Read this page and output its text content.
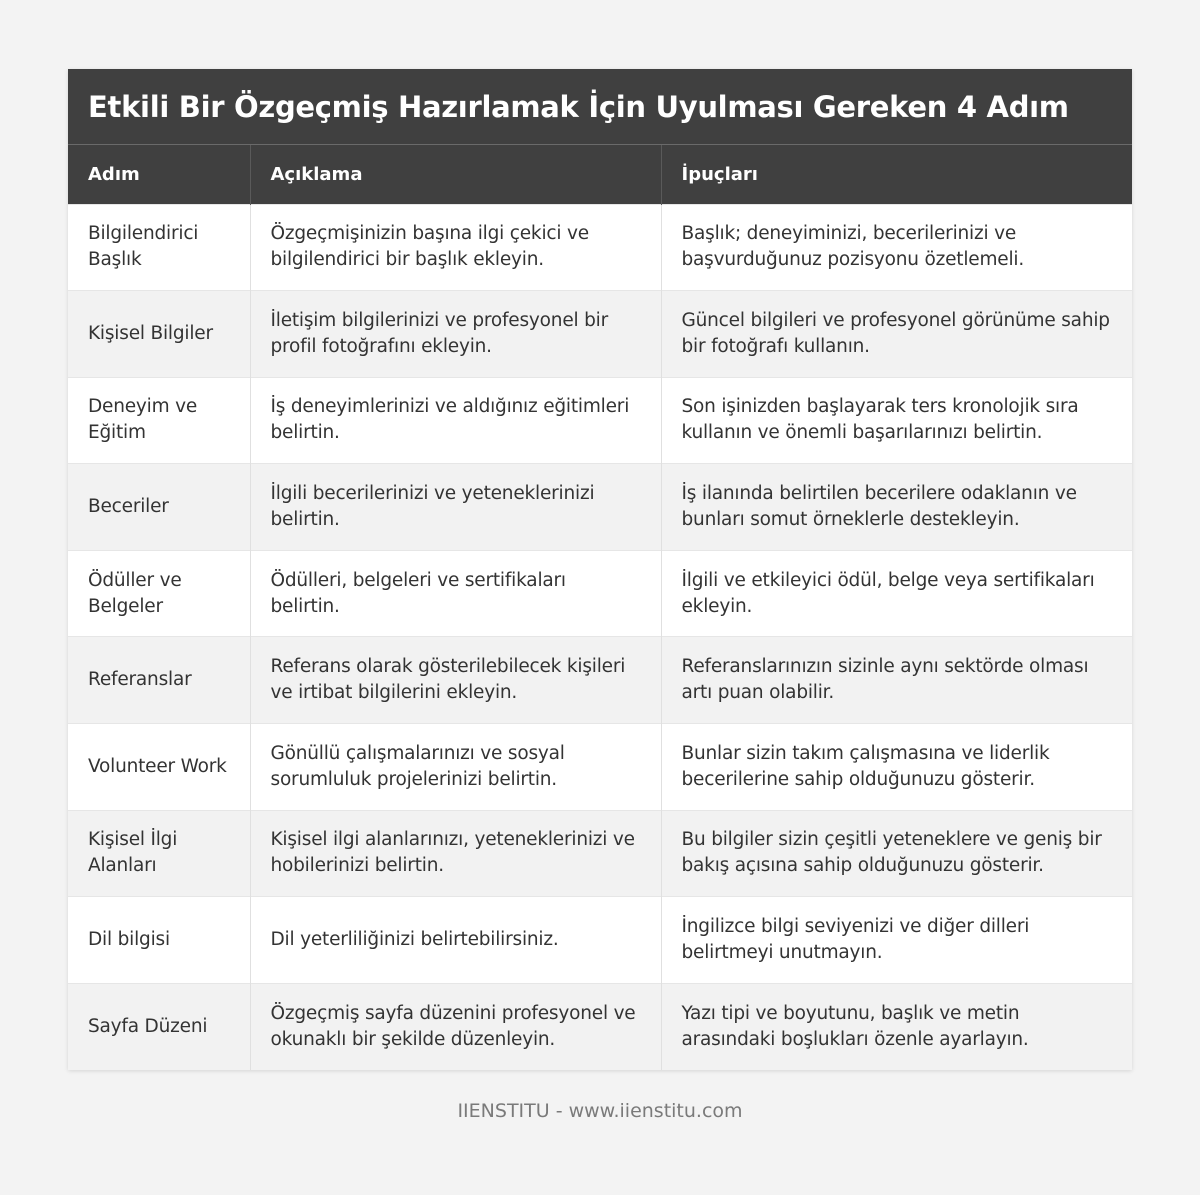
Etkili Bir Özgeçmiş Hazırlamak İçin Uyulması Gereken 4 Adım
Adım	Açıklama	İpuçları
Bilgilendirici Başlık	Özgeçmişinizin başına ilgi çekici ve bilgilendirici bir başlık ekleyin.	Başlık; deneyiminizi, becerilerinizi ve başvurduğunuz pozisyonu özetlemeli.
Kişisel Bilgiler	İletişim bilgilerinizi ve profesyonel bir profil fotoğrafını ekleyin.	Güncel bilgileri ve profesyonel görünüme sahip bir fotoğrafı kullanın.
Deneyim ve Eğitim	İş deneyimlerinizi ve aldığınız eğitimleri belirtin.	Son işinizden başlayarak ters kronolojik sıra kullanın ve önemli başarılarınızı belirtin.
Beceriler	İlgili becerilerinizi ve yeteneklerinizi belirtin.	İş ilanında belirtilen becerilere odaklanın ve bunları somut örneklerle destekleyin.
Ödüller ve Belgeler	Ödülleri, belgeleri ve sertifikaları belirtin.	İlgili ve etkileyici ödül, belge veya sertifikaları ekleyin.
Referanslar	Referans olarak gösterilebilecek kişileri ve irtibat bilgilerini ekleyin.	Referanslarınızın sizinle aynı sektörde olması artı puan olabilir.
Volunteer Work	Gönüllü çalışmalarınızı ve sosyal sorumluluk projelerinizi belirtin.	Bunlar sizin takım çalışmasına ve liderlik becerilerine sahip olduğunuzu gösterir.
Kişisel İlgi Alanları	Kişisel ilgi alanlarınızı, yeteneklerinizi ve hobilerinizi belirtin.	Bu bilgiler sizin çeşitli yeteneklere ve geniş bir bakış açısına sahip olduğunuzu gösterir.
Dil bilgisi	Dil yeterliliğinizi belirtebilirsiniz.	İngilizce bilgi seviyenizi ve diğer dilleri belirtmeyi unutmayın.
Sayfa Düzeni	Özgeçmiş sayfa düzenini profesyonel ve okunaklı bir şekilde düzenleyin.	Yazı tipi ve boyutunu, başlık ve metin arasındaki boşlukları özenle ayarlayın.
IIENSTITU - www.iienstitu.com
